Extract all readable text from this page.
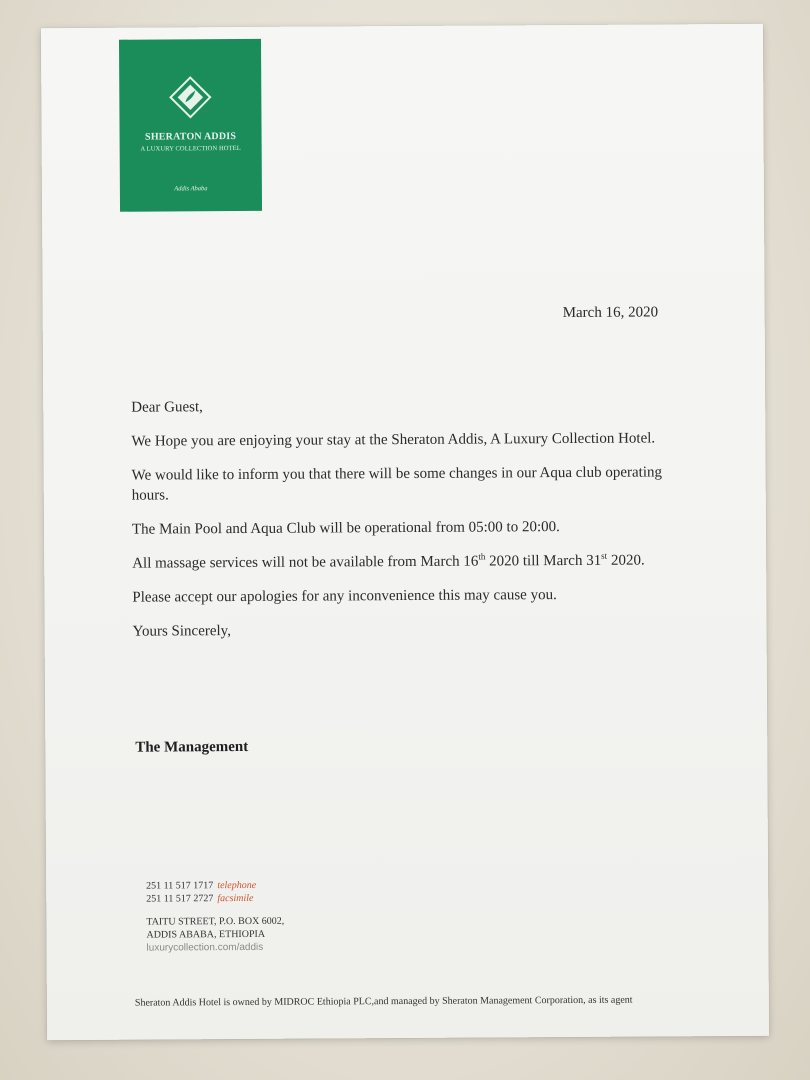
SHERATON ADDIS
A LUXURY COLLECTION HOTEL
Addis Ababa
March 16, 2020

Dear Guest,

We Hope you are enjoying your stay at the Sheraton Addis, A Luxury Collection Hotel.

We would like to inform you that there will be some changes in our Aqua club operating hours.

The Main Pool and Aqua Club will be operational from 05:00 to 20:00.

All massage services will not be available from March 16th 2020 till March 31st 2020.

Please accept our apologies for any inconvenience this may cause you.

Yours Sincerely,

The Management
251 11 517 1717 telephone
251 11 517 2727 facsimile
TAITU STREET, P.O. BOX 6002,
ADDIS ABABA, ETHIOPIA
luxurycollection.com/addis
Sheraton Addis Hotel is owned by MIDROC Ethiopia PLC,and managed by Sheraton Management Corporation, as its agent
